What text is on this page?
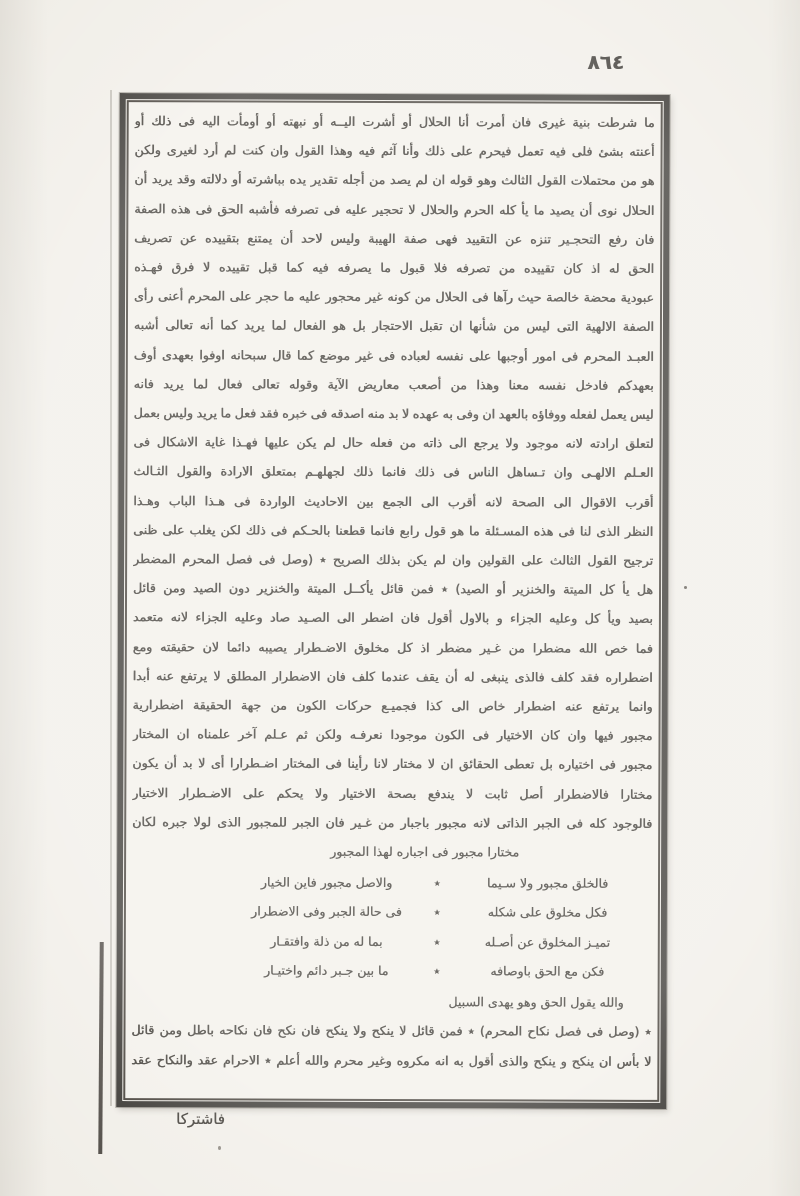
٨٦٤
ما شرطت بنية غيرى فان أمرت أنا الحلال أو أشرت اليــه أو نبهته أو أومأت اليه فى ذلك أو
أعنته بشئ فلى فيه تعمل فيحرم على ذلك وأنا آثم فيه وهذا القول وان كنت لم أرد لغيرى ولكن
هو من محتملات القول الثالث وهو قوله ان لم يصد من أجله تقدير يده بباشرته أو دلالته وقد يريد أن
الحلال نوى أن يصيد ما يأ كله الحرم والحلال لا تحجير عليه فى تصرفه فأشبه الحق فى هذه الصفة
فان رفع التحجـير تنزه عن التقييد فهى صفة الهيبة وليس لاحد أن يمتنع بتقييده عن تصريف
الحق له اذ كان تقييده من تصرفه فلا قبول ما يصرفه فيه كما قبل تقييده لا فرق فهـذه
عبودية محضة خالصة حيث رآها فى الحلال من كونه غير محجور عليه ما حجر على المحرم أعنى رأى
الصفة الالهية التى ليس من شأنها ان تقبل الاحتجار بل هو الفعال لما يريد كما أنه تعالى أشبه
العبـد المحرم فى امور أوجبها على نفسه لعباده فى غير موضع كما قال سبحانه اوفوا بعهدى أوف
بعهدكم فادخل نفسه معنا وهذا من أصعب معاريض الآية وقوله تعالى فعال لما يريد فانه
ليس يعمل لفعله ووفاؤه بالعهد ان وفى به عهده لا بد منه اصدقه فى خبره فقد فعل ما يريد وليس بعمل
لتعلق ارادته لانه موجود ولا يرجع الى ذاته من فعله حال لم يكن عليها فهـذا غاية الاشكال فى
العـلم الالهـى وان تـساهل الناس فى ذلك فانما ذلك لجهلهـم بمتعلق الارادة والقول الثـالث
أقرب الاقوال الى الصحة لانه أقرب الى الجمع بين الاحاديث الواردة فى هـذا الباب وهـذا
النظر الذى لنا فى هذه المسـئلة ما هو قول رابع فانما قطعنا بالحـكم فى ذلك لكن يغلب على ظنى
ترجيح القول الثالث على القولين وان لم يكن بذلك الصريح ٭ (وصل فى فصل المحرم المضطر
هل يأ كل الميتة والخنزير أو الصيد) ٭ فمن قائل يأكــل الميتة والخنزير دون الصيد ومن قائل
بصيد ويأ كل وعليه الجزاء و بالاول أقول فان اضطر الى الصـيد صاد وعليه الجزاء لانه متعمد
فما خص الله مضطرا من غـير مضطر اذ كل مخلوق الاضـطرار يصيبه دائما لان حقيقته ومع
اضطراره فقد كلف فالذى ينبغى له أن يقف عندما كلف فان الاضطرار المطلق لا يرتفع عنه أبدا
وانما يرتفع عنه اضطرار خاص الى كذا فجميـع حركات الكون من جهة الحقيقة اضطرارية
مجبور فيها وان كان الاختيار فى الكون موجودا نعرفـه ولكن ثم عـلم آخر علمناه ان المختار
مجبور فى اختياره بل تعطى الحقائق ان لا مختار لانا رأينا فى المختار اضـطرارا أى لا بد أن يكون
مختارا فالاضطرار أصل ثابت لا يندفع بصحة الاختيار ولا يحكم على الاضـطرار الاختيار
فالوجود كله فى الجبر الذاتى لانه مجبور باجبار من غـير فان الجبر للمجبور الذى لولا جبره لكان
مختارا مجبور فى اجباره لهذا المجبور
فالخلق مجبور ولا سـيما
٭
والاصل مجبور فاين الخيار
فكل مخلوق على شكله
٭
فى حالة الجبر وفى الاضطرار
تميـز المخلوق عن أصـله
٭
بما له من ذلة وافتقـار
فكن مع الحق باوصافه
٭
ما بين جـبر دائم واختيـار
والله يقول الحق وهو يهدى السبيل
٭ (وصل فى فصل نكاح المحرم) ٭ فمن قائل لا ينكح ولا ينكح فان نكح فان نكاحه باطل ومن قائل
لا بأس ان ينكح و ينكح والذى أقول به انه مكروه وغير محرم والله أعلم ٭ الاحرام عقد والنكاح عقد
فاشتركا
